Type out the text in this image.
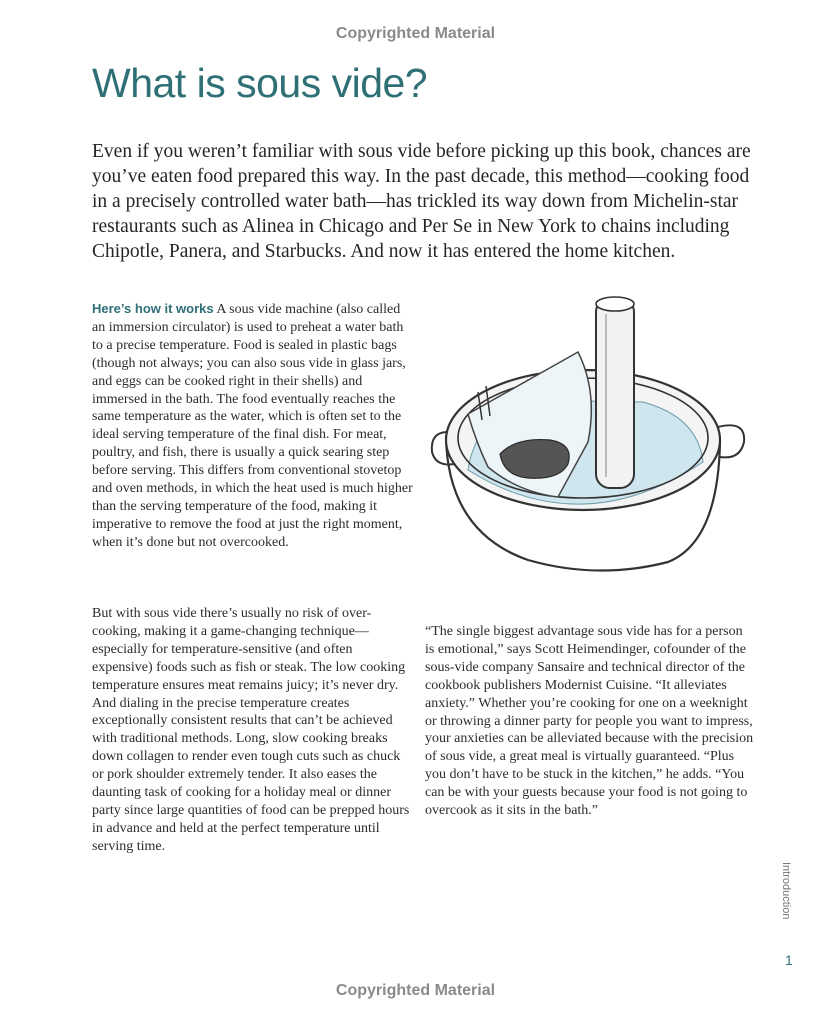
Copyrighted Material
What is sous vide?

Even if you weren’t familiar with sous vide before picking up this book, chances are you’ve eaten food prepared this way. In the past decade, this method—cooking food in a precisely controlled water bath—has trickled its way down from Michelin-star restaurants such as Alinea in Chicago and Per Se in New York to chains including Chipotle, Panera, and Starbucks. And now it has entered the home kitchen.

Here’s how it works A sous vide machine (also called an immersion circulator) is used to preheat a water bath to a precise temperature. Food is sealed in plastic bags (though not always; you can also sous vide in glass jars, and eggs can be cooked right in their shells) and immersed in the bath. The food eventually reaches the same temperature as the water, which is often set to the ideal serving temperature of the final dish. For meat, poultry, and fish, there is usually a quick searing step before serving. This differs from conventional stovetop and oven methods, in which the heat used is much higher than the serving temperature of the food, making it imperative to remove the food at just the right moment, when it’s done but not overcooked.

But with sous vide there’s usually no risk of over-cooking, making it a game-changing technique—especially for temperature-sensitive (and often expensive) foods such as fish or steak. The low cooking temperature ensures meat remains juicy; it’s never dry. And dialing in the precise temperature creates exceptionally consistent results that can’t be achieved with traditional methods. Long, slow cooking breaks down collagen to render even tough cuts such as chuck or pork shoulder extremely tender. It also eases the daunting task of cooking for a holiday meal or dinner party since large quantities of food can be prepped hours in advance and held at the perfect temperature until serving time.

“The single biggest advantage sous vide has for a person is emotional,” says Scott Heimendinger, cofounder of the sous-vide company Sansaire and technical director of the cookbook publishers Modernist Cuisine. “It alleviates anxiety.” Whether you’re cooking for one on a weeknight or throwing a dinner party for people you want to impress, your anxieties can be alleviated because with the precision of sous vide, a great meal is virtually guaranteed. “Plus you don’t have to be stuck in the kitchen,” he adds. “You can be with your guests because your food is not going to overcook as it sits in the bath.”

Introduction
1
Copyrighted Material
